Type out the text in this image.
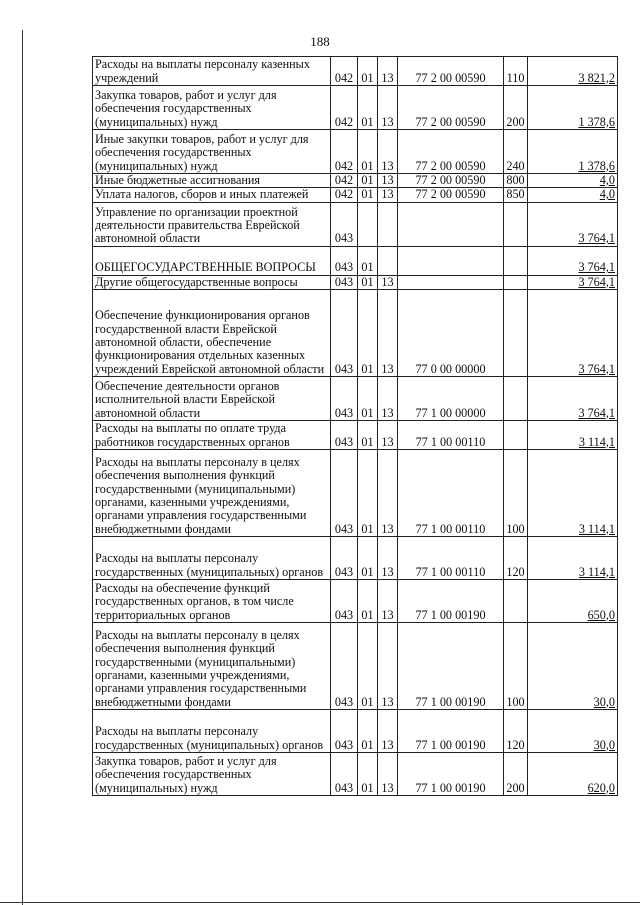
188
Расходы на выплаты персоналу казенных учреждений	042	01	13	77 2 00 00590	110	3 821,2
Закупка товаров, работ и услуг для обеспечения государственных (муниципальных) нужд	042	01	13	77 2 00 00590	200	1 378,6
Иные закупки товаров, работ и услуг для обеспечения государственных (муниципальных) нужд	042	01	13	77 2 00 00590	240	1 378,6
Иные бюджетные ассигнования	042	01	13	77 2 00 00590	800	4,0
Уплата налогов, сборов и иных платежей	042	01	13	77 2 00 00590	850	4,0
Управление по организации проектной деятельности правительства Еврейской автономной области	043					3 764,1
ОБЩЕГОСУДАРСТВЕННЫЕ ВОПРОСЫ	043	01				3 764,1
Другие общегосударственные вопросы	043	01	13			3 764,1
Обеспечение функционирования органов государственной власти Еврейской автономной области, обеспечение функционирования отдельных казенных учреждений Еврейской автономной области	043	01	13	77 0 00 00000		3 764,1
Обеспечение деятельности органов исполнительной власти Еврейской автономной области	043	01	13	77 1 00 00000		3 764,1
Расходы на выплаты по оплате труда работников государственных органов	043	01	13	77 1 00 00110		3 114,1
Расходы на выплаты персоналу в целях обеспечения выполнения функций государственными (муниципальными) органами, казенными учреждениями, органами управления государственными внебюджетными фондами	043	01	13	77 1 00 00110	100	3 114,1
Расходы на выплаты персоналу государственных (муниципальных) органов	043	01	13	77 1 00 00110	120	3 114,1
Расходы на обеспечение функций государственных органов, в том числе территориальных органов	043	01	13	77 1 00 00190		650,0
Расходы на выплаты персоналу в целях обеспечения выполнения функций государственными (муниципальными) органами, казенными учреждениями, органами управления государственными внебюджетными фондами	043	01	13	77 1 00 00190	100	30,0
Расходы на выплаты персоналу государственных (муниципальных) органов	043	01	13	77 1 00 00190	120	30,0
Закупка товаров, работ и услуг для обеспечения государственных (муниципальных) нужд	043	01	13	77 1 00 00190	200	620,0
